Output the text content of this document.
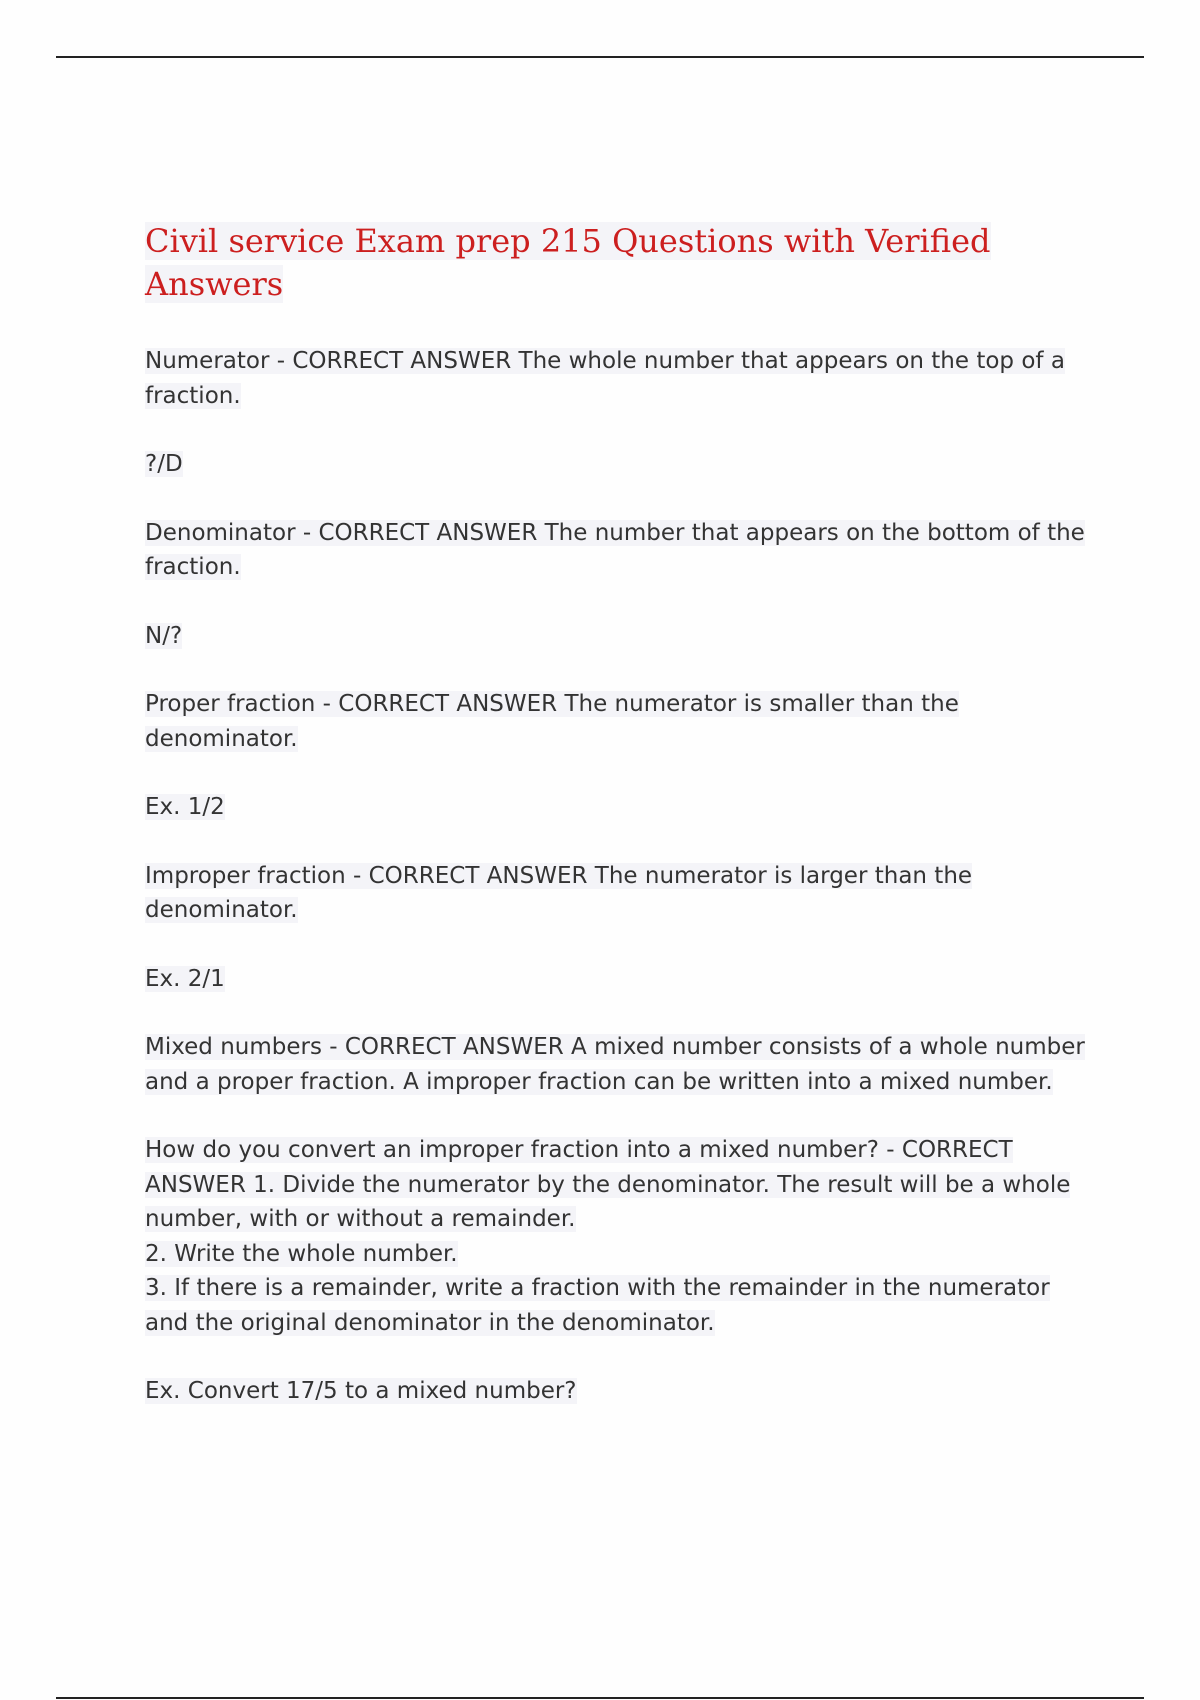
Civil service Exam prep 215 Questions with Verified Answers

Numerator - CORRECT ANSWER The whole number that appears on the top of a fraction.

?/D

Denominator - CORRECT ANSWER The number that appears on the bottom of the fraction.

N/?

Proper fraction - CORRECT ANSWER The numerator is smaller than the denominator.

Ex. 1/2

Improper fraction - CORRECT ANSWER The numerator is larger than the denominator.

Ex. 2/1

Mixed numbers - CORRECT ANSWER A mixed number consists of a whole number and a proper fraction. A improper fraction can be written into a mixed number.

How do you convert an improper fraction into a mixed number? - CORRECT ANSWER 1. Divide the numerator by the denominator. The result will be a whole number, with or without a remainder.

2. Write the whole number.

3. If there is a remainder, write a fraction with the remainder in the numerator and the original denominator in the denominator.

Ex. Convert 17/5 to a mixed number?
